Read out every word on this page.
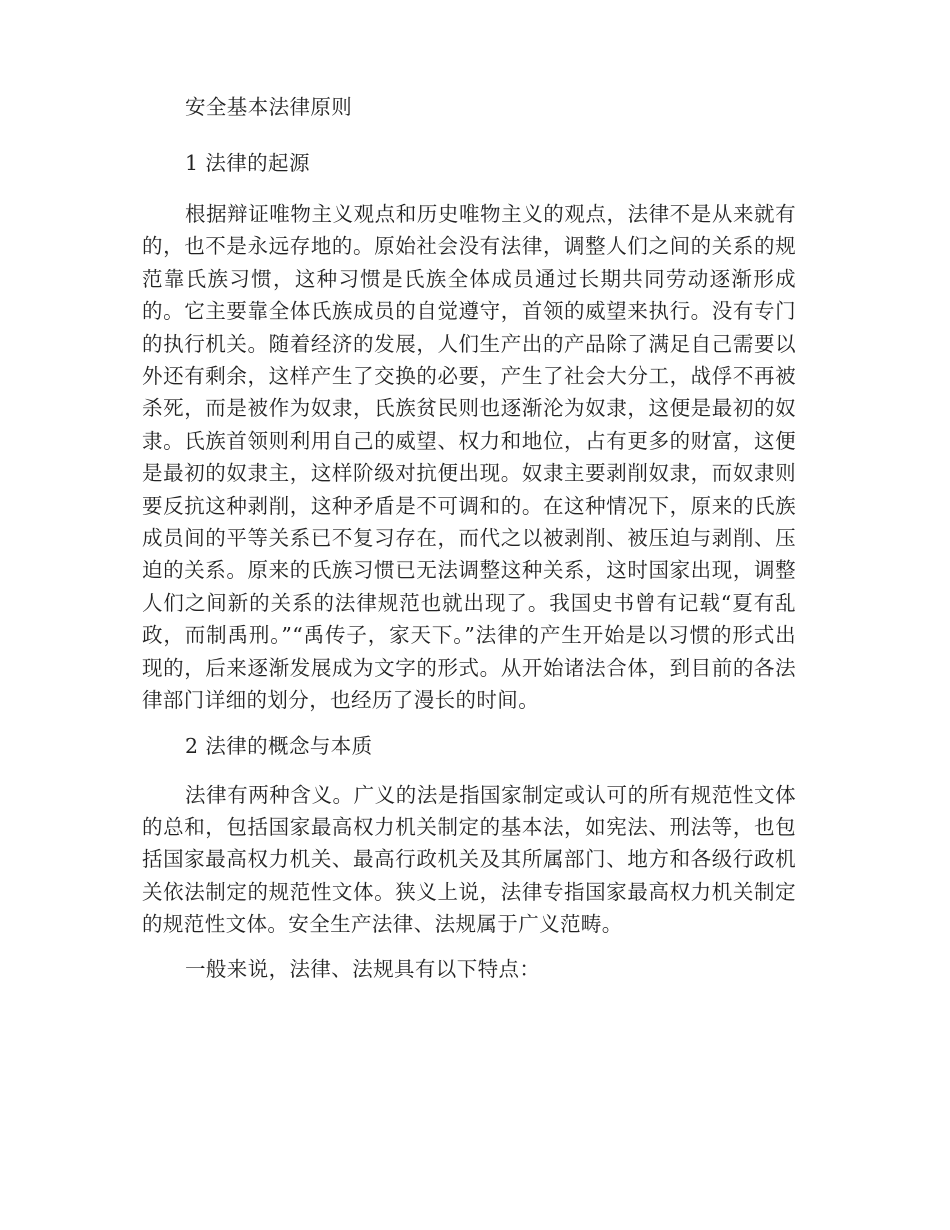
安全基本法律原则

1 法律的起源

根据辩证唯物主义观点和历史唯物主义的观点，法律不是从来就有的，也不是永远存地的。原始社会没有法律，调整人们之间的关系的规范靠氏族习惯，这种习惯是氏族全体成员通过长期共同劳动逐渐形成的。它主要靠全体氏族成员的自觉遵守，首领的威望来执行。没有专门的执行机关。随着经济的发展，人们生产出的产品除了满足自己需要以外还有剩余，这样产生了交换的必要，产生了社会大分工，战俘不再被杀死，而是被作为奴隶，氏族贫民则也逐渐沦为奴隶，这便是最初的奴隶。氏族首领则利用自己的威望、权力和地位，占有更多的财富，这便是最初的奴隶主，这样阶级对抗便出现。奴隶主要剥削奴隶，而奴隶则要反抗这种剥削，这种矛盾是不可调和的。在这种情况下，原来的氏族成员间的平等关系已不复习存在，而代之以被剥削、被压迫与剥削、压迫的关系。原来的氏族习惯已无法调整这种关系，这时国家出现，调整人们之间新的关系的法律规范也就出现了。我国史书曾有记载“夏有乱政，而制禹刑。”“禹传子，家天下。”法律的产生开始是以习惯的形式出现的，后来逐渐发展成为文字的形式。从开始诸法合体，到目前的各法律部门详细的划分，也经历了漫长的时间。

2 法律的概念与本质

法律有两种含义。广义的法是指国家制定或认可的所有规范性文体的总和，包括国家最高权力机关制定的基本法，如宪法、刑法等，也包括国家最高权力机关、最高行政机关及其所属部门、地方和各级行政机关依法制定的规范性文体。狭义上说，法律专指国家最高权力机关制定的规范性文体。安全生产法律、法规属于广义范畴。

一般来说，法律、法规具有以下特点：
